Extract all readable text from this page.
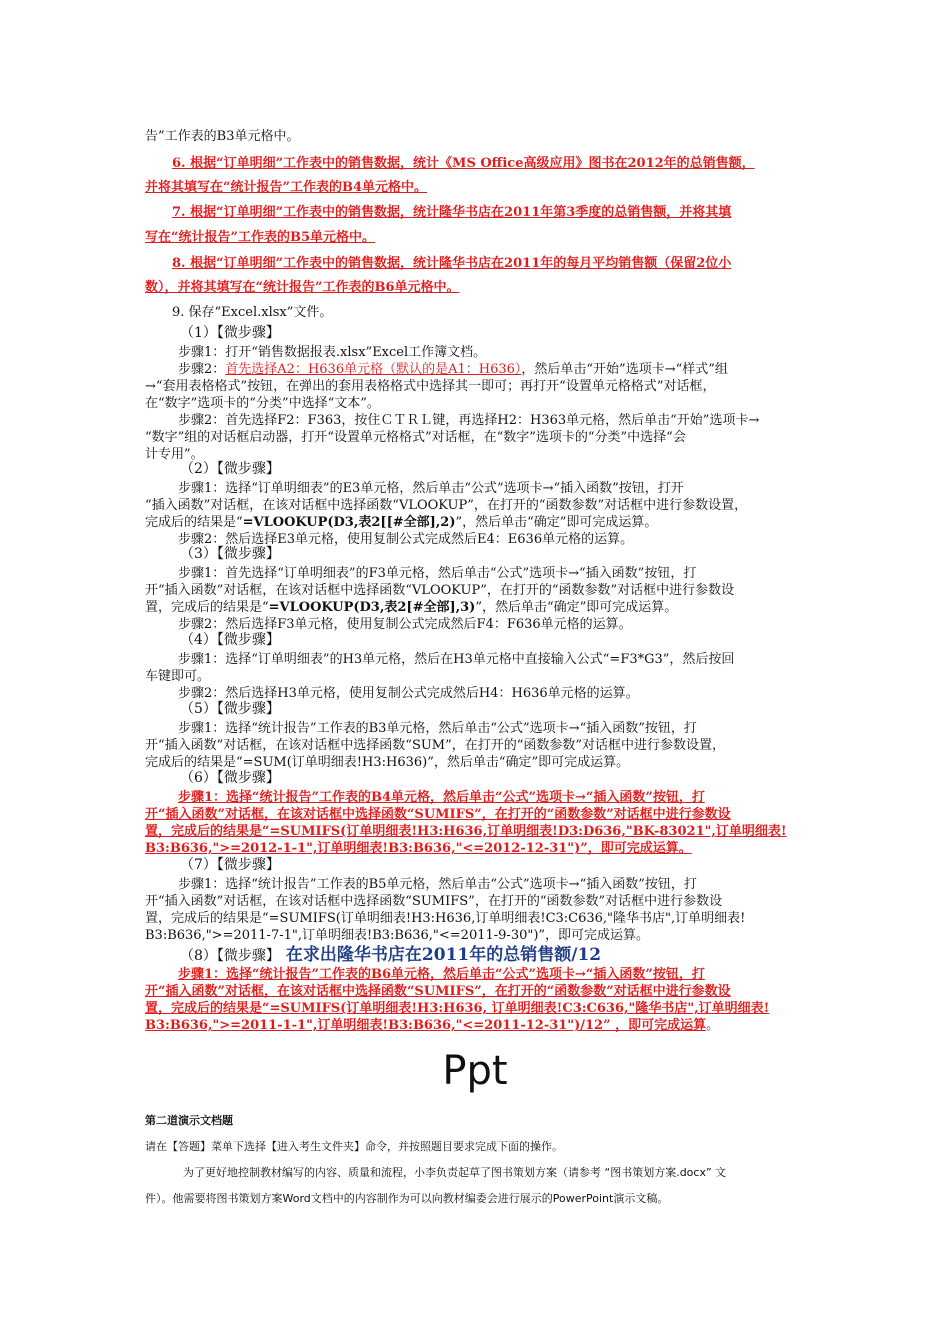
告”工作表的B3单元格中。
6. 根据“订单明细”工作表中的销售数据，统计《MS Office高级应用》图书在2012年的总销售额，
并将其填写在“统计报告”工作表的B4单元格中。
7. 根据“订单明细”工作表中的销售数据，统计隆华书店在2011年第3季度的总销售额，并将其填
写在“统计报告”工作表的B5单元格中。
8. 根据“订单明细”工作表中的销售数据，统计隆华书店在2011年的每月平均销售额（保留2位小
数），并将其填写在“统计报告”工作表的B6单元格中。
9. 保存“Excel.xlsx”文件。
（1）【微步骤】
步骤1：打开“销售数据报表.xlsx”Excel工作簿文档。
步骤2：首先选择A2：H636单元格（默认的是A1：H636），然后单击“开始”选项卡→“样式”组
→“套用表格格式”按钮，在弹出的套用表格格式中选择其一即可；再打开“设置单元格格式”对话框，
在“数字”选项卡的“分类”中选择“文本”。
步骤2：首先选择F2：F363，按住ＣＴＲＬ键，再选择H2：H363单元格，然后单击“开始”选项卡→
“数字”组的对话框启动器，打开“设置单元格格式”对话框，在“数字”选项卡的“分类”中选择“会
计专用”。
（2）【微步骤】
步骤1：选择“订单明细表”的E3单元格，然后单击“公式”选项卡→“插入函数”按钮，打开
“插入函数”对话框，在该对话框中选择函数“VLOOKUP”，在打开的“函数参数”对话框中进行参数设置，
完成后的结果是“=VLOOKUP(D3,表2[[#全部],2)”，然后单击“确定”即可完成运算。
步骤2：然后选择E3单元格，使用复制公式完成然后E4：E636单元格的运算。
（3）【微步骤】
步骤1：首先选择“订单明细表”的F3单元格，然后单击“公式”选项卡→“插入函数”按钮，打
开“插入函数”对话框，在该对话框中选择函数“VLOOKUP”，在打开的“函数参数”对话框中进行参数设
置，完成后的结果是“=VLOOKUP(D3,表2[#全部],3)”，然后单击“确定”即可完成运算。
步骤2：然后选择F3单元格，使用复制公式完成然后F4：F636单元格的运算。
（4）【微步骤】
步骤1：选择“订单明细表”的H3单元格，然后在H3单元格中直接输入公式“=F3*G3”，然后按回
车键即可。
步骤2：然后选择H3单元格，使用复制公式完成然后H4：H636单元格的运算。
（5）【微步骤】
步骤1：选择“统计报告”工作表的B3单元格，然后单击“公式”选项卡→“插入函数”按钮，打
开“插入函数”对话框，在该对话框中选择函数“SUM”，在打开的“函数参数”对话框中进行参数设置，
完成后的结果是“=SUM(订单明细表!H3:H636)”，然后单击“确定”即可完成运算。
（6）【微步骤】
步骤1：选择“统计报告”工作表的B4单元格，然后单击“公式”选项卡→“插入函数”按钮，打
开“插入函数”对话框，在该对话框中选择函数“SUMIFS”，在打开的“函数参数”对话框中进行参数设
置，完成后的结果是“=SUMIFS(订单明细表!H3:H636,订单明细表!D3:D636,"BK-83021",订单明细表!
B3:B636,">=2012-1-1",订单明细表!B3:B636,"<=2012-12-31")”，即可完成运算。
（7）【微步骤】
步骤1：选择“统计报告”工作表的B5单元格，然后单击“公式”选项卡→“插入函数”按钮，打
开“插入函数”对话框，在该对话框中选择函数“SUMIFS”，在打开的“函数参数”对话框中进行参数设
置，完成后的结果是“=SUMIFS(订单明细表!H3:H636,订单明细表!C3:C636,"隆华书店",订单明细表!
B3:B636,">=2011-7-1",订单明细表!B3:B636,"<=2011-9-30")”，即可完成运算。
（8）【微步骤】 在求出隆华书店在2011年的总销售额/12
步骤1：选择“统计报告”工作表的B6单元格，然后单击“公式”选项卡→“插入函数”按钮，打
开“插入函数”对话框，在该对话框中选择函数“SUMIFS”，在打开的“函数参数”对话框中进行参数设
置，完成后的结果是“=SUMIFS(订单明细表!H3:H636, 订单明细表!C3:C636,"隆华书店",订单明细表!
B3:B636,">=2011-1-1",订单明细表!B3:B636,"<=2011-12-31")/12” ，即可完成运算。
Ppt
第二道演示文档题
请在【答题】菜单下选择【进入考生文件夹】命令，并按照题目要求完成下面的操作。
为了更好地控制教材编写的内容、质量和流程，小李负责起草了图书策划方案（请参考 “图书策划方案.docx” 文
件）。他需要将图书策划方案Word文档中的内容制作为可以向教材编委会进行展示的PowerPoint演示文稿。
